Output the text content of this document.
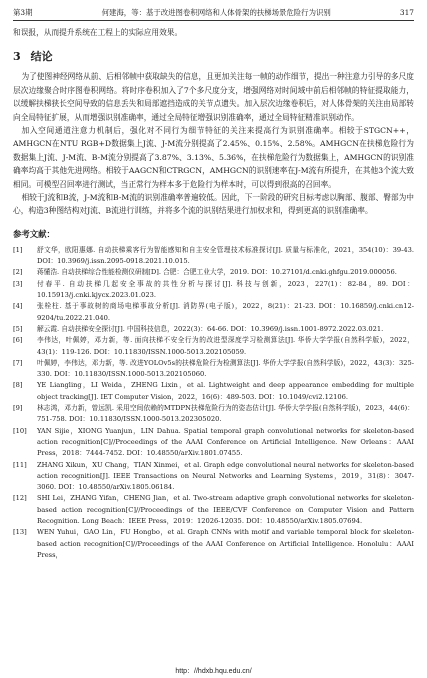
第3期	何建海，等：基于改进图卷积网络和人体骨架的扶梯场景危险行为识别	317

和误报，从而提升系统在工程上的实际应用效果。

3 结论

为了使图神经网络从前、后相邻帧中获取缺失的信息，且更加关注每一帧的动作细节，提出一种注意力引导的多尺度层次边缘聚合时序图卷积网络。将时序卷积加入了7个多尺度分支，增强网络对时间域中前后相邻帧的特征提取能力，以缓解扶梯狭长空间导致的信息丢失和局部遮挡造成的关节点遗失。加入层次边缘卷积后，对人体骨架的关注由局部转向全局特征扩展，从而增强识别准确率，通过全局特征增强识别准确率，通过全局特征精准识别动作。

加入空间通道注意力机制后，强化对不同行为细节特征的关注来提高行为识别准确率。相较于STGCN++，AMHGCN在NTU RGB+D数据集上J流、J-M流分别提高了2.45%、0.15%、2.58%。AMHGCN在扶梯危险行为数据集上J流、J-M流、B-M流分别提高了3.87%、3.13%、5.36%，在扶梯危险行为数据集上，AMHGCN的识别准确率均高于其他先进网络。相较于AAGCN和CTRGCN，AMHGCN的识别速率在J-M流有所提升，在其他3个流大致相同。可模型召回率进行测试，当正常行为样本多于危险行为样本时，可以得到很高的召回率。

相较于J流和B流，J-M流和B-M流的识别准确率普遍较低。因此，下一阶段的研究目标考虑以胸部、腹部、臀部为中心，构造3种图结构对J流、B流进行训练，并将多个流的识别结果进行加权求和，得到更高的识别准确率。

参考文献：
[1]	舒文华，欧阳惠娜. 自动扶梯乘客行为智能感知和自主安全管理技术标准探讨[J]. 质量与标准化，2021，354(10)：39-43. DOI：10.3969/j.issn.2095-0918.2021.10.015.
[2]	蒋懂浩. 自动扶梯综合性能检测仪研制[D]. 合肥：合肥工业大学，2019. DOI：10.27101/d.cnki.ghfgu.2019.000056.
[3]	付春平. 自动扶梯几起安全事故的共性分析与探讨[J]. 科技与创新，2023，227(1)：82-84，89. DOI：10.15913/j.cnki.kjycx.2023.01.023.
[4]	张栓柱. 基于事故树的商场电梯事故分析[J]. 消防界(电子版)，2022，8(21)：21-23. DOI：10.16859/j.cnki.cn12-9204/tu.2022.21.040.
[5]	解云霞. 自动扶梯安全探讨[J]. 中国科技信息，2022(3)：64-66. DOI：10.3969/j.issn.1001-8972.2022.03.021.
[6]	李伟达，叶佩婷，邓力新，等. 面向扶梯不安全行为的改进型深度学习检测算法[J]. 华侨大学学报(自然科学版)，2022，43(1)：119-126. DOI：10.11830/ISSN.1000-5013.202105059.
[7]	叶佩婷，李伟达，邓力新，等. 改进YOLOv5s的扶梯危险行为检测算法[J]. 华侨大学学报(自然科学版)，2022，43(3)：325-330. DOI：10.11830/ISSN.1000-5013.202105060.
[8]	YE Liangling，LI Weida，ZHENG Lixin，et al. Lightweight and deep appearance embedding for multiple object tracking[J]. IET Computer Vision，2022，16(6)：489-503. DOI：10.1049/cvi2.12106.
[9]	林志鸿，邓力新，曾远凯. 采用空间依赖的MTDPN扶梯危险行为的姿态估计[J]. 华侨大学学报(自然科学版)，2023，44(6)：751-758. DOI：10.11830/ISSN.1000-5013.202305020.
[10]	YAN Sijie，XIONG Yuanjun，LIN Dahua. Spatial temporal graph convolutional networks for skeleton-based action recognition[C]//Proceedings of the AAAI Conference on Artificial Intelligence. New Orleans：AAAI Press，2018：7444-7452. DOI：10.48550/arXiv.1801.07455.
[11]	ZHANG Xikun，XU Chang，TIAN Xinmei，et al. Graph edge convolutional neural networks for skeleton-based action recognition[J]. IEEE Transactions on Neural Networks and Learning Systems，2019，31(8)：3047-3060. DOI：10.48550/arXiv.1805.06184.
[12]	SHI Lei，ZHANG Yifan，CHENG Jian，et al. Two-stream adaptive graph convolutional networks for skeleton-based action recognition[C]//Proceedings of the IEEE/CVF Conference on Computer Vision and Pattern Recognition. Long Beach：IEEE Press，2019：12026-12035. DOI：10.48550/arXiv.1805.07694.
[13]	WEN Yuhui，GAO Lin，FU Hongbo，et al. Graph CNNs with motif and variable temporal block for skeleton-based action recognition[C]//Proceedings of the AAAI Conference on Artificial Intelligence. Honolulu：AAAI Press，
http：//hdxb.hqu.edu.cn/
